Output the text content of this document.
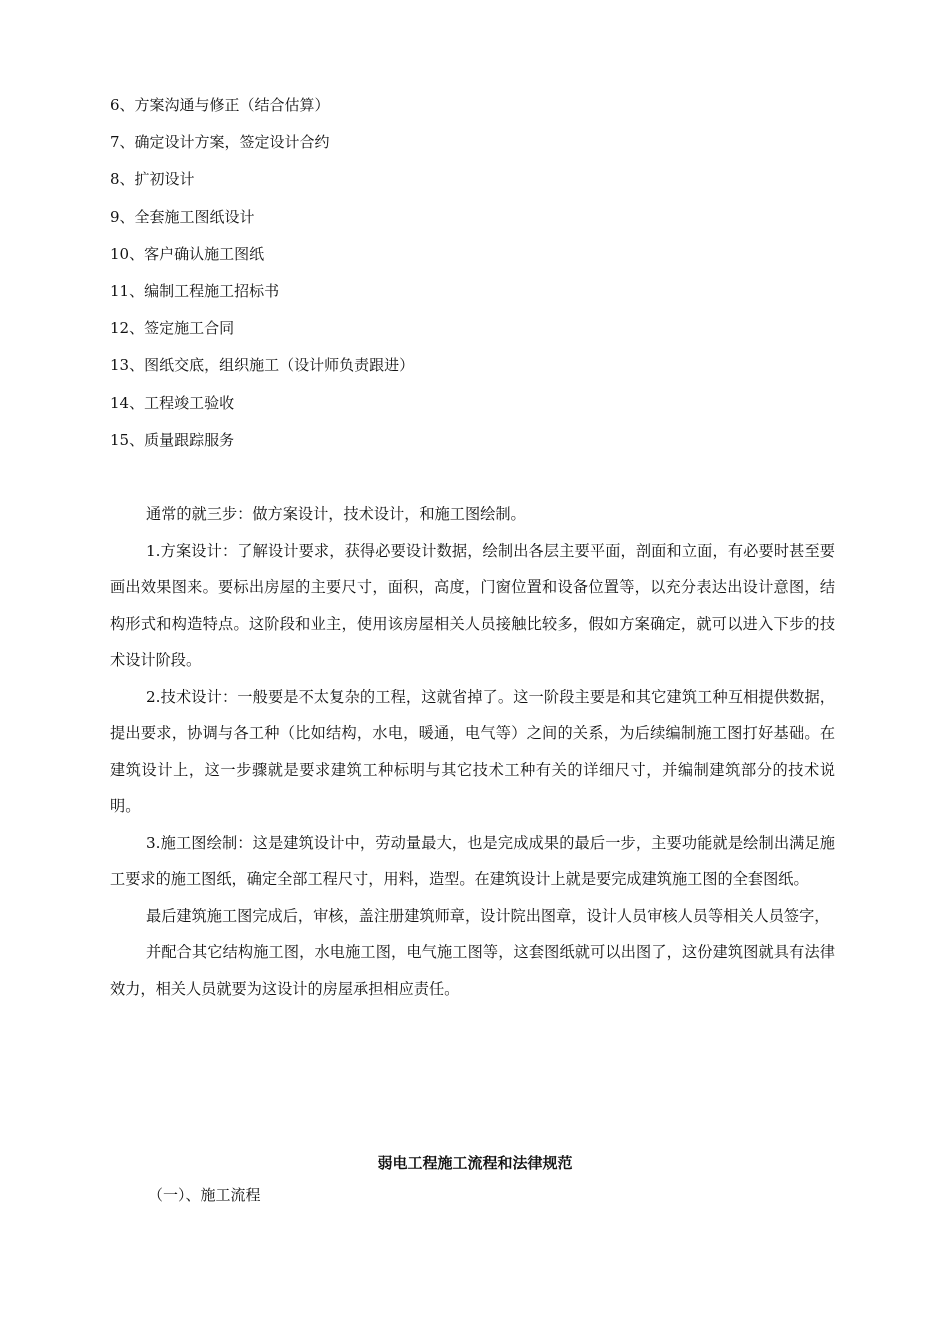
6、方案沟通与修正（结合估算）
7、确定设计方案，签定设计合约
8、扩初设计
9、全套施工图纸设计
10、客户确认施工图纸
11、编制工程施工招标书
12、签定施工合同
13、图纸交底，组织施工（设计师负责跟进）
14、工程竣工验收
15、质量跟踪服务

通常的就三步：做方案设计，技术设计，和施工图绘制。

1.方案设计：了解设计要求，获得必要设计数据，绘制出各层主要平面，剖面和立面，有必要时甚至要画出效果图来。要标出房屋的主要尺寸，面积，高度，门窗位置和设备位置等，以充分表达出设计意图，结构形式和构造特点。这阶段和业主，使用该房屋相关人员接触比较多，假如方案确定，就可以进入下步的技术设计阶段。

2.技术设计：一般要是不太复杂的工程，这就省掉了。这一阶段主要是和其它建筑工种互相提供数据，提出要求，协调与各工种（比如结构，水电，暖通，电气等）之间的关系，为后续编制施工图打好基础。在建筑设计上，这一步骤就是要求建筑工种标明与其它技术工种有关的详细尺寸，并编制建筑部分的技术说明。

3.施工图绘制：这是建筑设计中，劳动量最大，也是完成成果的最后一步，主要功能就是绘制出满足施工要求的施工图纸，确定全部工程尺寸，用料，造型。在建筑设计上就是要完成建筑施工图的全套图纸。

最后建筑施工图完成后，审核，盖注册建筑师章，设计院出图章，设计人员审核人员等相关人员签字，

并配合其它结构施工图，水电施工图，电气施工图等，这套图纸就可以出图了，这份建筑图就具有法律效力，相关人员就要为这设计的房屋承担相应责任。

弱电工程施工流程和法律规范
（一）、施工流程
